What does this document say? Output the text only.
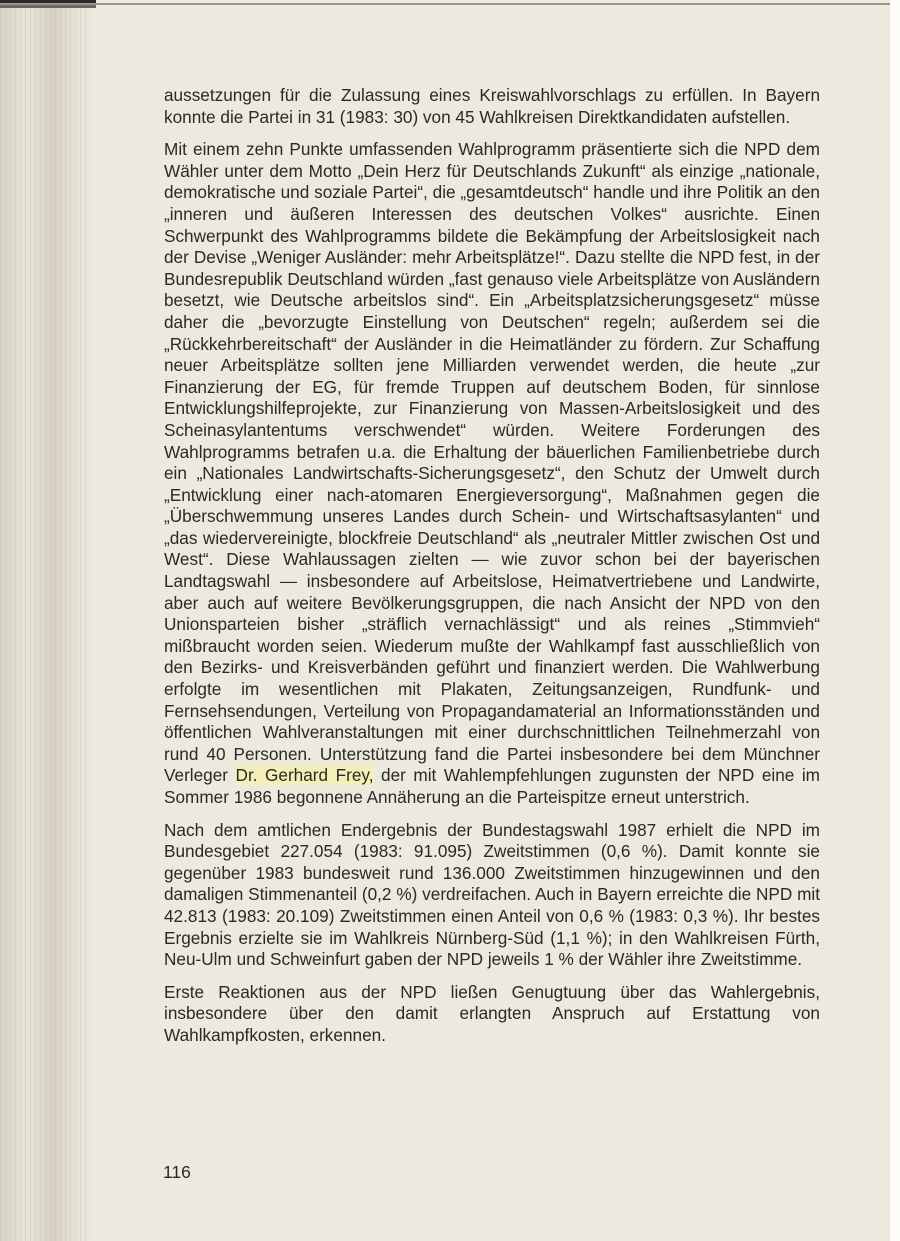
aussetzungen für die Zulassung eines Kreiswahlvorschlags zu erfüllen. In Bayern konnte die Partei in 31 (1983: 30) von 45 Wahlkreisen Direktkandidaten aufstellen.

Mit einem zehn Punkte umfassenden Wahlprogramm präsentierte sich die NPD dem Wähler unter dem Motto „Dein Herz für Deutschlands Zukunft“ als einzige „nationale, demokratische und soziale Partei“, die „gesamtdeutsch“ handle und ihre Politik an den „inneren und äußeren Interessen des deutschen Volkes“ ausrichte. Einen Schwerpunkt des Wahlprogramms bildete die Bekämpfung der Arbeitslosigkeit nach der Devise „Weniger Ausländer: mehr Arbeitsplätze!“. Dazu stellte die NPD fest, in der Bundesrepublik Deutschland würden „fast genauso viele Arbeitsplätze von Ausländern besetzt, wie Deutsche arbeitslos sind“. Ein „Arbeitsplatzsicherungsgesetz“ müsse daher die „bevorzugte Einstellung von Deutschen“ regeln; außerdem sei die „Rückkehrbereitschaft“ der Ausländer in die Heimatländer zu fördern. Zur Schaffung neuer Arbeitsplätze sollten jene Milliarden verwendet werden, die heute „zur Finanzierung der EG, für fremde Truppen auf deutschem Boden, für sinnlose Entwicklungshilfeprojekte, zur Finanzierung von Massen-Arbeitslosigkeit und des Scheinasylantentums verschwendet“ würden. Weitere Forderungen des Wahlprogramms betrafen u.a. die Erhaltung der bäuerlichen Familienbetriebe durch ein „Nationales Landwirtschafts-Sicherungsgesetz“, den Schutz der Umwelt durch „Entwicklung einer nach-atomaren Energieversorgung“, Maßnahmen gegen die „Überschwemmung unseres Landes durch Schein- und Wirtschaftsasylanten“ und „das wiedervereinigte, blockfreie Deutschland“ als „neutraler Mittler zwischen Ost und West“. Diese Wahlaussagen zielten — wie zuvor schon bei der bayerischen Landtagswahl — insbesondere auf Arbeitslose, Heimatvertriebene und Landwirte, aber auch auf weitere Bevölkerungsgruppen, die nach Ansicht der NPD von den Unionsparteien bisher „sträflich vernachlässigt“ und als reines „Stimmvieh“ mißbraucht worden seien. Wiederum mußte der Wahlkampf fast ausschließlich von den Bezirks- und Kreisverbänden geführt und finanziert werden. Die Wahlwerbung erfolgte im wesentlichen mit Plakaten, Zeitungsanzeigen, Rundfunk- und Fernsehsendungen, Verteilung von Propagandamaterial an Informationsständen und öffentlichen Wahlveranstaltungen mit einer durchschnittlichen Teilnehmerzahl von rund 40 Personen. Unterstützung fand die Partei insbesondere bei dem Münchner Verleger Dr. Gerhard Frey, der mit Wahlempfehlungen zugunsten der NPD eine im Sommer 1986 begonnene Annäherung an die Parteispitze erneut unterstrich.

Nach dem amtlichen Endergebnis der Bundestagswahl 1987 erhielt die NPD im Bundesgebiet 227.054 (1983: 91.095) Zweitstimmen (0,6 %). Damit konnte sie gegenüber 1983 bundesweit rund 136.000 Zweitstimmen hinzugewinnen und den damaligen Stimmenanteil (0,2 %) verdreifachen. Auch in Bayern erreichte die NPD mit 42.813 (1983: 20.109) Zweitstimmen einen Anteil von 0,6 % (1983: 0,3 %). Ihr bestes Ergebnis erzielte sie im Wahlkreis Nürnberg-Süd (1,1 %); in den Wahlkreisen Fürth, Neu-Ulm und Schweinfurt gaben der NPD jeweils 1 % der Wähler ihre Zweitstimme.

Erste Reaktionen aus der NPD ließen Genugtuung über das Wahlergebnis, insbesondere über den damit erlangten Anspruch auf Erstattung von Wahlkampfkosten, erkennen.

116
